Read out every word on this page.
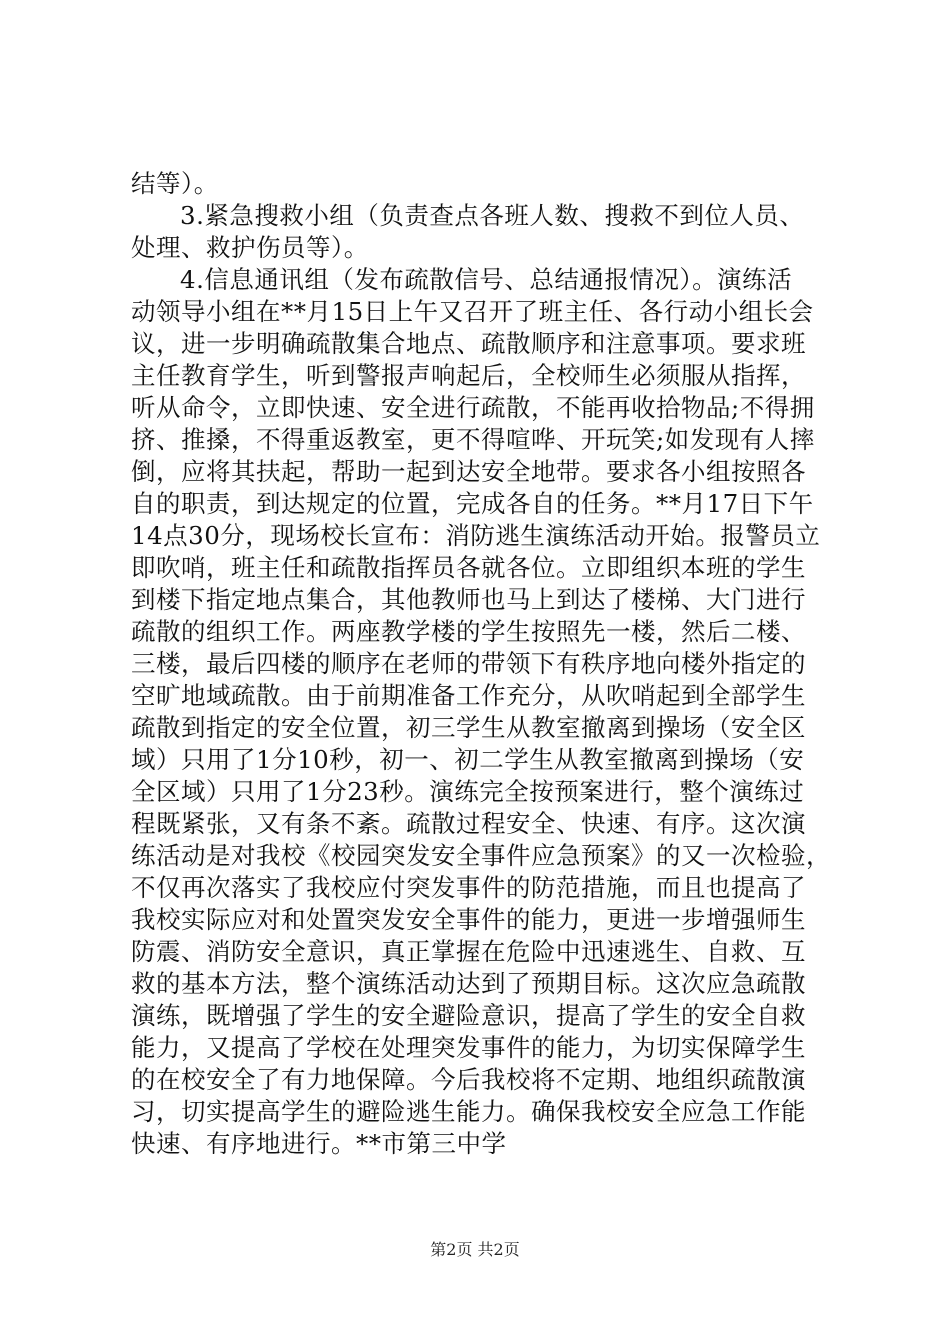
结等）。
3.紧急搜救小组（负责查点各班人数、搜救不到位人员、
处理、救护伤员等）。
4.信息通讯组（发布疏散信号、总结通报情况）。演练活
动领导小组在**月15日上午又召开了班主任、各行动小组长会
议，进一步明确疏散集合地点、疏散顺序和注意事项。要求班
主任教育学生，听到警报声响起后，全校师生必须服从指挥，
听从命令，立即快速、安全进行疏散，不能再收拾物品;不得拥
挤、推搡，不得重返教室，更不得喧哗、开玩笑;如发现有人摔
倒，应将其扶起，帮助一起到达安全地带。要求各小组按照各
自的职责，到达规定的位置，完成各自的任务。**月17日下午
14点30分，现场校长宣布：消防逃生演练活动开始。报警员立
即吹哨，班主任和疏散指挥员各就各位。立即组织本班的学生
到楼下指定地点集合，其他教师也马上到达了楼梯、大门进行
疏散的组织工作。两座教学楼的学生按照先一楼，然后二楼、
三楼，最后四楼的顺序在老师的带领下有秩序地向楼外指定的
空旷地域疏散。由于前期准备工作充分，从吹哨起到全部学生
疏散到指定的安全位置，初三学生从教室撤离到操场（安全区
域）只用了1分10秒，初一、初二学生从教室撤离到操场（安
全区域）只用了1分23秒。演练完全按预案进行，整个演练过
程既紧张，又有条不紊。疏散过程安全、快速、有序。这次演
练活动是对我校《校园突发安全事件应急预案》的又一次检验，
不仅再次落实了我校应付突发事件的防范措施，而且也提高了
我校实际应对和处置突发安全事件的能力，更进一步增强师生
防震、消防安全意识，真正掌握在危险中迅速逃生、自救、互
救的基本方法，整个演练活动达到了预期目标。这次应急疏散
演练，既增强了学生的安全避险意识，提高了学生的安全自救
能力，又提高了学校在处理突发事件的能力，为切实保障学生
的在校安全了有力地保障。今后我校将不定期、地组织疏散演
习，切实提高学生的避险逃生能力。确保我校安全应急工作能
快速、有序地进行。**市第三中学
第2页 共2页
